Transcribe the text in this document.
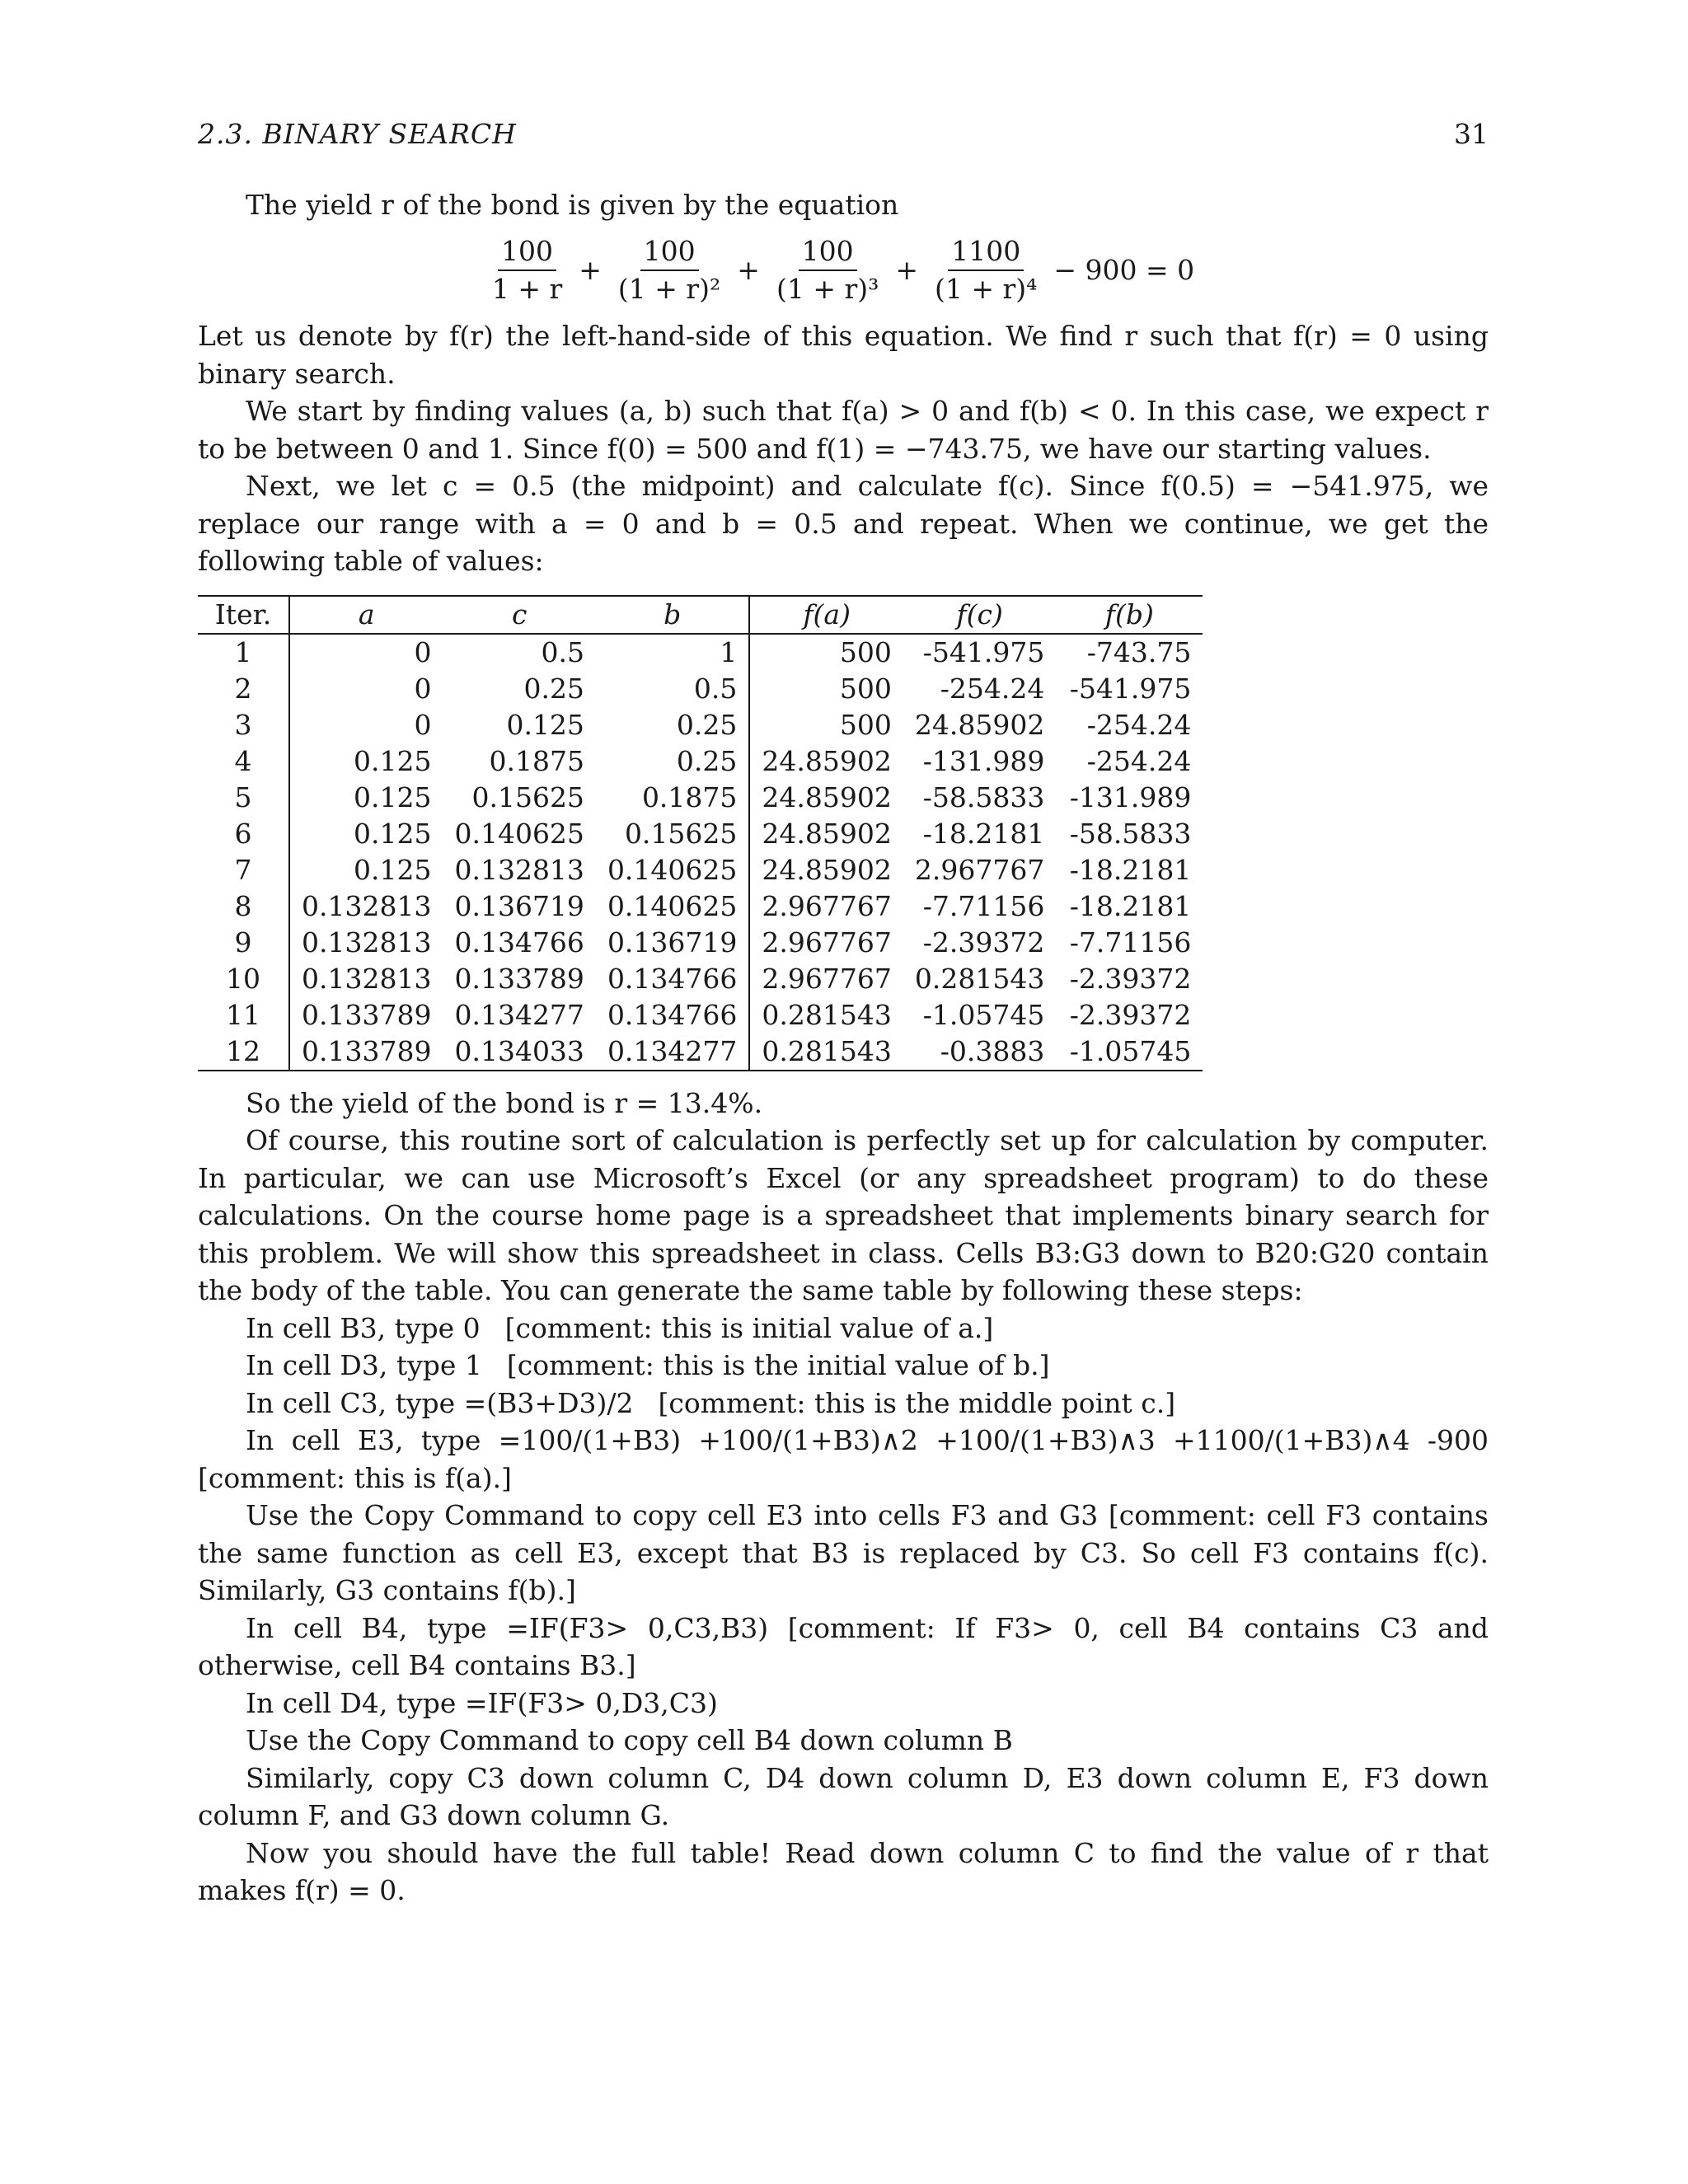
2.3. BINARY SEARCH	31

The yield r of the bond is given by the equation

$\frac{100}{1 + r} + \frac{100}{\text{(1 + r)²}} + \frac{100}{\text{(1 + r)³}} + \frac{1100}{\text{(1 + r)⁴}} - 900 = 0$

Let us denote by f(r) the left-hand-side of this equation. We find r such that f(r) = 0 using binary search.

We start by finding values (a, b) such that f(a) > 0 and f(b) < 0. In this case, we expect r to be between 0 and 1. Since f(0) = 500 and f(1) = −743.75, we have our starting values.

Next, we let c = 0.5 (the midpoint) and calculate f(c). Since f(0.5) = −541.975, we replace our range with a = 0 and b = 0.5 and repeat. When we continue, we get the following table of values:

Iter.	a	c	b	f(a)	f(c)	f(b)
1	0	0.5	1	500	-541.975	-743.75
2	0	0.25	0.5	500	-254.24	-541.975
3	0	0.125	0.25	500	24.85902	-254.24
4	0.125	0.1875	0.25	24.85902	-131.989	-254.24
5	0.125	0.15625	0.1875	24.85902	-58.5833	-131.989
6	0.125	0.140625	0.15625	24.85902	-18.2181	-58.5833
7	0.125	0.132813	0.140625	24.85902	2.967767	-18.2181
8	0.132813	0.136719	0.140625	2.967767	-7.71156	-18.2181
9	0.132813	0.134766	0.136719	2.967767	-2.39372	-7.71156
10	0.132813	0.133789	0.134766	2.967767	0.281543	-2.39372
11	0.133789	0.134277	0.134766	0.281543	-1.05745	-2.39372
12	0.133789	0.134033	0.134277	0.281543	-0.3883	-1.05745

So the yield of the bond is r = 13.4%.

Of course, this routine sort of calculation is perfectly set up for calculation by computer. In particular, we can use Microsoft’s Excel (or any spreadsheet program) to do these calculations. On the course home page is a spreadsheet that implements binary search for this problem. We will show this spreadsheet in class. Cells B3:G3 down to B20:G20 contain the body of the table. You can generate the same table by following these steps:

In cell B3, type 0 [comment: this is initial value of a.]

In cell D3, type 1 [comment: this is the initial value of b.]

In cell C3, type =(B3+D3)/2 [comment: this is the middle point c.]

In cell E3, type =100/(1+B3) +100/(1+B3)∧2 +100/(1+B3)∧3 +1100/(1+B3)∧4 -900 [comment: this is f(a).]

Use the Copy Command to copy cell E3 into cells F3 and G3 [comment: cell F3 contains the same function as cell E3, except that B3 is replaced by C3. So cell F3 contains f(c). Similarly, G3 contains f(b).]

In cell B4, type =IF(F3> 0,C3,B3) [comment: If F3> 0, cell B4 contains C3 and otherwise, cell B4 contains B3.]

In cell D4, type =IF(F3> 0,D3,C3)

Use the Copy Command to copy cell B4 down column B

Similarly, copy C3 down column C, D4 down column D, E3 down column E, F3 down column F, and G3 down column G.

Now you should have the full table! Read down column C to find the value of r that makes f(r) = 0.
